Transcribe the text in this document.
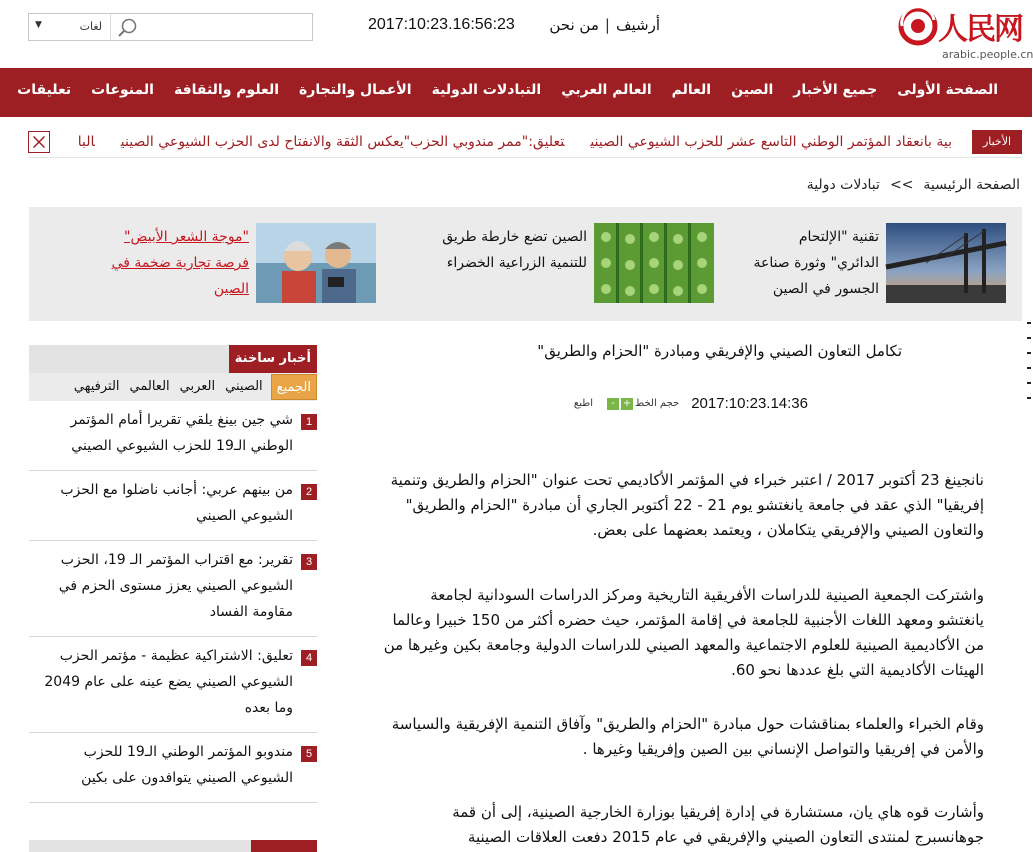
人民网
arabic.people.cn
أرشيف|من نحن
2017:10:23.16:56:23
▼	لغات
الصفحة الأولى
جميع الأخبار
الصين
العالم
العالم العربي
التبادلات الدولية
الأعمال والتجارة
العلوم والثقافة
المنوعات
تعليقات
الأخبار
بية بانعقاد المؤتمر الوطني التاسع عشر للحزب الشيوعي الصينيتعليق:"ممر مندوبي الحزب"يعكس الثقة والانفتاح لدى الحزب الشيوعي الصينيالبا
الصفحة الرئيسية>>تبادلات دولية
تقنية "الإلتحام الدائري" وثورة صناعة الجسور في الصين
الصين تضع خارطة طريق للتنمية الزراعية الخضراء
"موجة الشعر الأبيض" فرصة تجارية ضخمة في الصين
أخبار ساخنة
الجميع
الصيني
العربي
العالمي
الترفيهي
1
شي جين بينغ يلقي تقريرا أمام المؤتمر الوطني الـ19 للحزب الشيوعي الصيني
2
من بينهم عربي: أجانب ناضلوا مع الحزب الشيوعي الصيني
3
تقرير: مع اقتراب المؤتمر الـ 19، الحزب الشيوعي الصيني يعزز مستوى الحزم في مقاومة الفساد
4
تعليق: الاشتراكية عظيمة - مؤتمر الحزب الشيوعي الصيني يضع عينه على عام 2049 وما بعده
5
مندوبو المؤتمر الوطني الـ19 للحزب الشيوعي الصيني يتوافدون على بكين
تكامل التعاون الصيني والإفريقي ومبادرة "الحزام والطريق"
2017:10:23.14:36
حجم الخط
+
-
اطبع

نانجينغ 23 أكتوبر 2017 / اعتبر خبراء في المؤتمر الأكاديمي تحت عنوان "الحزام والطريق وتنمية إفريقيا" الذي عقد في جامعة يانغتشو يوم 21 - 22 أكتوبر الجاري أن مبادرة "الحزام والطريق" والتعاون الصيني والإفريقي يتكاملان ، ويعتمد بعضهما على بعض.

واشتركت الجمعية الصينية للدراسات الأفريقية التاريخية ومركز الدراسات السودانية لجامعة يانغتشو ومعهد اللغات الأجنبية للجامعة في إقامة المؤتمر، حيث حضره أكثر من 150 خبيرا وعالما من الأكاديمية الصينية للعلوم الاجتماعية والمعهد الصيني للدراسات الدولية وجامعة بكين وغيرها من الهيئات الأكاديمية التي بلغ عددها نحو 60.

وقام الخبراء والعلماء بمناقشات حول مبادرة "الحزام والطريق" وآفاق التنمية الإفريقية والسياسة والأمن في إفريقيا والتواصل الإنساني بين الصين وإفريقيا وغيرها .

وأشارت قوه هاي يان، مستشارة في إدارة إفريقيا بوزارة الخارجية الصينية، إلى أن قمة جوهانسبرج لمنتدى التعاون الصيني والإفريقي في عام 2015 دفعت العلاقات الصينية
